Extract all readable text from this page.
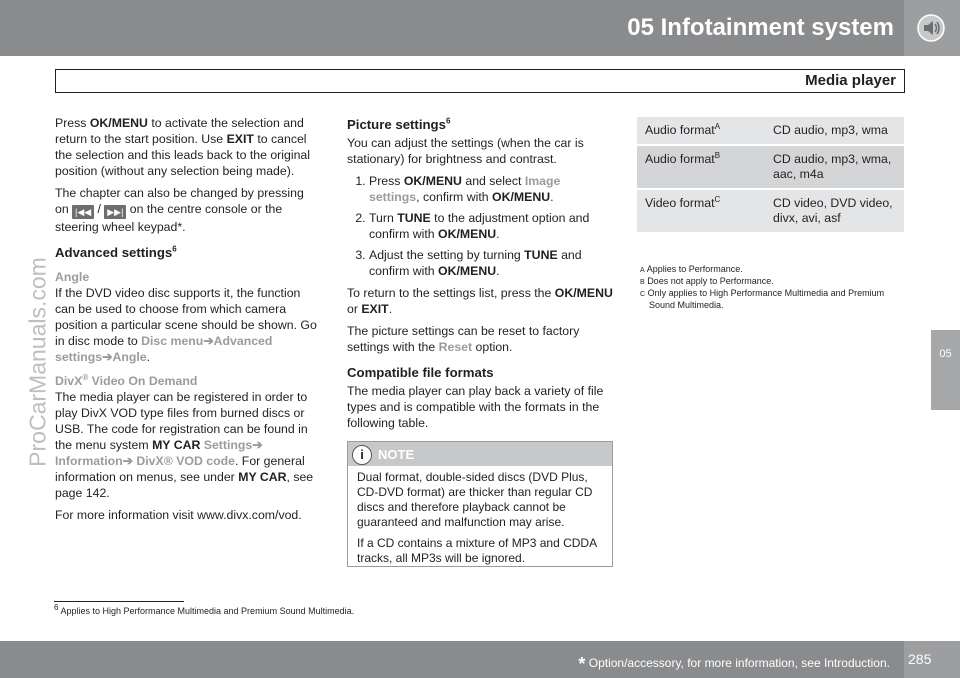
05 Infotainment system
Media player
ProCarManuals.com	05

Press OK/MENU to activate the selection and return to the start position. Use EXIT to cancel the selection and this leads back to the original position (without any selection being made).

The chapter can also be changed by pressing on |◀◀ / ▶▶| on the centre console or the steering wheel keypad*.

Advanced settings$^6$
Angle

If the DVD video disc supports it, the function can be used to choose from which camera position a particular scene should be shown. Go in disc mode to Disc menu➔Advanced settings➔Angle.

DivX® Video On Demand

The media player can be registered in order to play DivX VOD type files from burned discs or USB. The code for registration can be found in the menu system MY CAR Settings➔ Information➔ DivX® VOD code. For general information on menus, see under MY CAR, see page 142.

For more information visit www.divx.com/vod.

Picture settings$^6$

You can adjust the settings (when the car is stationary) for brightness and contrast.

1. Press OK/MENU and select Image settings, confirm with OK/MENU.
2. Turn TUNE to the adjustment option and confirm with OK/MENU.
3. Adjust the setting by turning TUNE and confirm with OK/MENU.

To return to the settings list, press the OK/MENU or EXIT.

The picture settings can be reset to factory settings with the Reset option.

Compatible file formats

The media player can play back a variety of file types and is compatible with the formats in the following table.

i	NOTE

Dual format, double-sided discs (DVD Plus, CD-DVD format) are thicker than regular CD discs and therefore playback cannot be guaranteed and malfunction may arise.

If a CD contains a mixture of MP3 and CDDA tracks, all MP3s will be ignored.

Audio format$^A$	CD audio, mp3, wma
Audio format$^B$	CD audio, mp3, wma, aac, m4a
Video format$^C$	CD video, DVD video, divx, avi, asf
A Applies to Performance.
B Does not apply to Performance.
C Only applies to High Performance Multimedia and Premium Sound Multimedia.
$^6$ Applies to High Performance Multimedia and Premium Sound Multimedia.
* Option/accessory, for more information, see Introduction. 285
